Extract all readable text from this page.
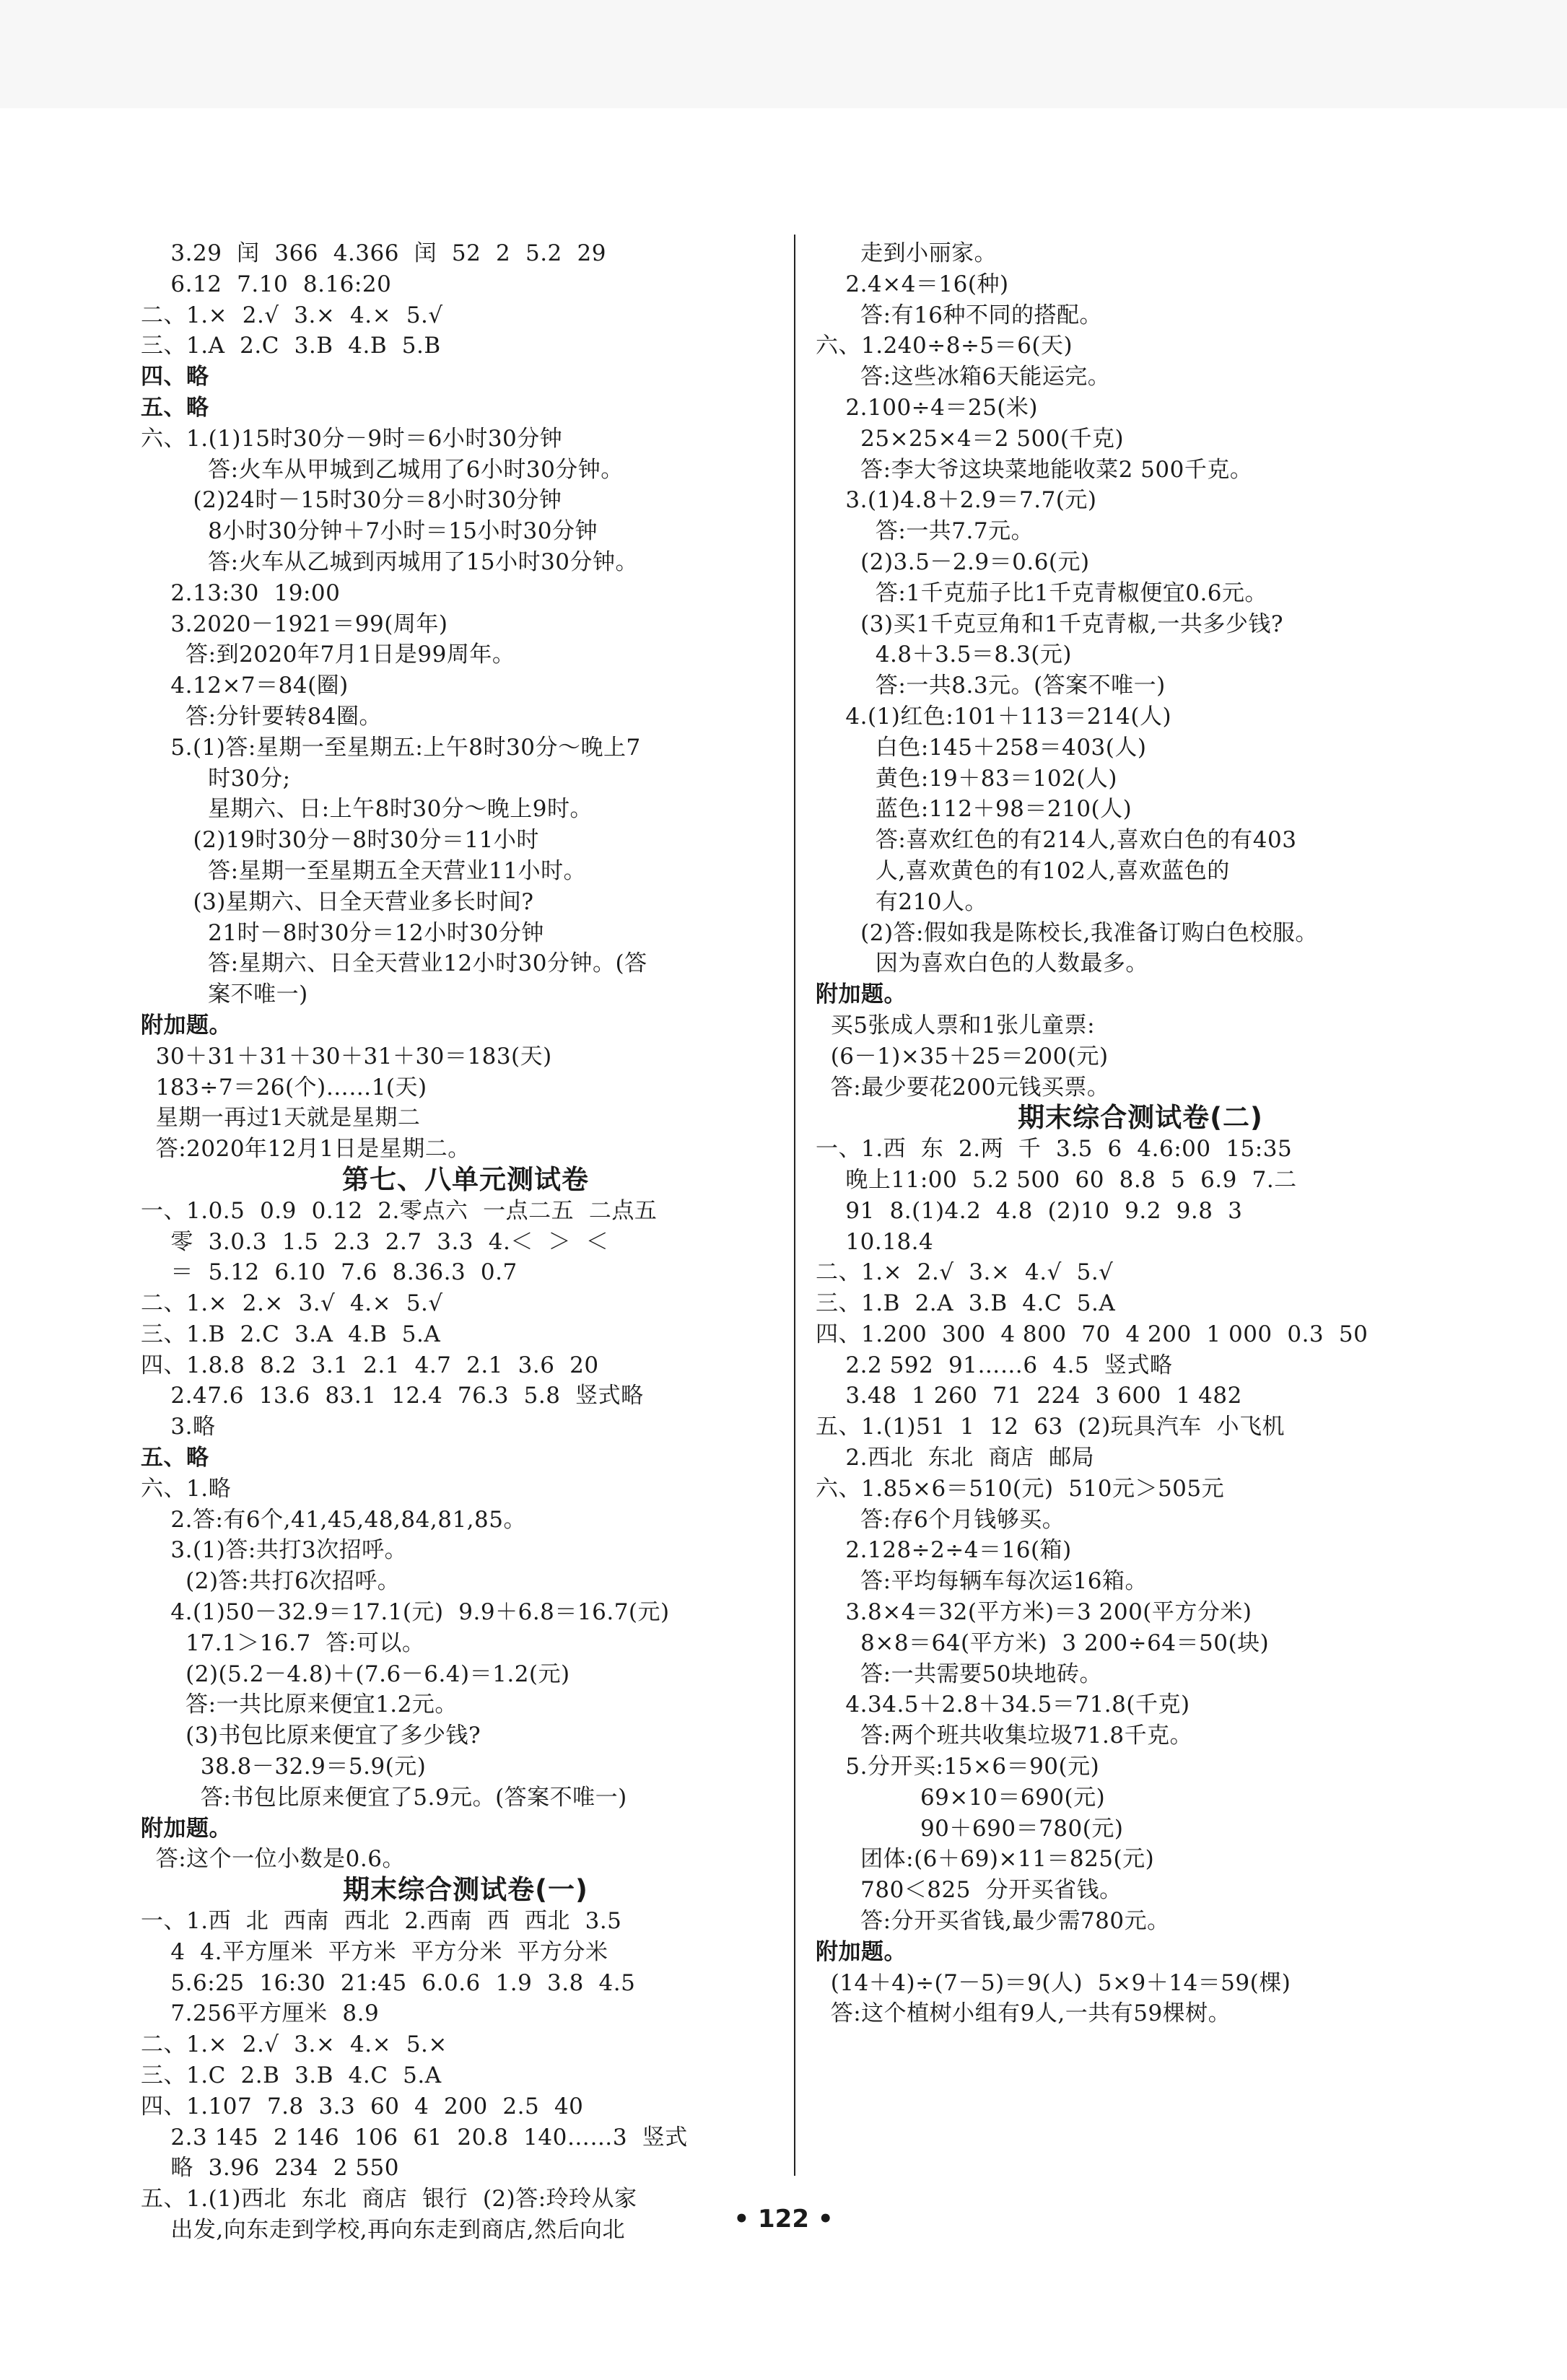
3.29  闰  366  4.366  闰  52  2  5.2  29
6.12  7.10  8.16:20
二、1.×  2.√  3.×  4.×  5.√
三、1.A  2.C  3.B  4.B  5.B
四、略
五、略
六、1.(1)15时30分－9时＝6小时30分钟
答:火车从甲城到乙城用了6小时30分钟。
(2)24时－15时30分＝8小时30分钟
8小时30分钟＋7小时＝15小时30分钟
答:火车从乙城到丙城用了15小时30分钟。
2.13:30  19:00
3.2020－1921＝99(周年)
答:到2020年7月1日是99周年。
4.12×7＝84(圈)
答:分针要转84圈。
5.(1)答:星期一至星期五:上午8时30分～晚上7
时30分;
星期六、日:上午8时30分～晚上9时。
(2)19时30分－8时30分＝11小时
答:星期一至星期五全天营业11小时。
(3)星期六、日全天营业多长时间?
21时－8时30分＝12小时30分钟
答:星期六、日全天营业12小时30分钟。(答
案不唯一)
附加题。
30＋31＋31＋30＋31＋30＝183(天)
183÷7＝26(个)……1(天)
星期一再过1天就是星期二
答:2020年12月1日是星期二。
第七、八单元测试卷
一、1.0.5  0.9  0.12  2.零点六  一点二五  二点五
零  3.0.3  1.5  2.3  2.7  3.3  4.＜  ＞  ＜
＝  5.12  6.10  7.6  8.36.3  0.7
二、1.×  2.×  3.√  4.×  5.√
三、1.B  2.C  3.A  4.B  5.A
四、1.8.8  8.2  3.1  2.1  4.7  2.1  3.6  20
2.47.6  13.6  83.1  12.4  76.3  5.8  竖式略
3.略
五、略
六、1.略
2.答:有6个,41,45,48,84,81,85。
3.(1)答:共打3次招呼。
(2)答:共打6次招呼。
4.(1)50－32.9＝17.1(元)  9.9＋6.8＝16.7(元)
17.1＞16.7  答:可以。
(2)(5.2－4.8)＋(7.6－6.4)＝1.2(元)
答:一共比原来便宜1.2元。
(3)书包比原来便宜了多少钱?
38.8－32.9＝5.9(元)
答:书包比原来便宜了5.9元。(答案不唯一)
附加题。
答:这个一位小数是0.6。
期末综合测试卷(一)
一、1.西  北  西南  西北  2.西南  西  西北  3.5
4  4.平方厘米  平方米  平方分米  平方分米
5.6:25  16:30  21:45  6.0.6  1.9  3.8  4.5
7.256平方厘米  8.9
二、1.×  2.√  3.×  4.×  5.×
三、1.C  2.B  3.B  4.C  5.A
四、1.107  7.8  3.3  60  4  200  2.5  40
2.3 145  2 146  106  61  20.8  140……3  竖式
略  3.96  234  2 550
五、1.(1)西北  东北  商店  银行  (2)答:玲玲从家
出发,向东走到学校,再向东走到商店,然后向北
走到小丽家。
2.4×4＝16(种)
答:有16种不同的搭配。
六、1.240÷8÷5＝6(天)
答:这些冰箱6天能运完。
2.100÷4＝25(米)
25×25×4＝2 500(千克)
答:李大爷这块菜地能收菜2 500千克。
3.(1)4.8＋2.9＝7.7(元)
答:一共7.7元。
(2)3.5－2.9＝0.6(元)
答:1千克茄子比1千克青椒便宜0.6元。
(3)买1千克豆角和1千克青椒,一共多少钱?
4.8＋3.5＝8.3(元)
答:一共8.3元。(答案不唯一)
4.(1)红色:101＋113＝214(人)
白色:145＋258＝403(人)
黄色:19＋83＝102(人)
蓝色:112＋98＝210(人)
答:喜欢红色的有214人,喜欢白色的有403
人,喜欢黄色的有102人,喜欢蓝色的
有210人。
(2)答:假如我是陈校长,我准备订购白色校服。
因为喜欢白色的人数最多。
附加题。
买5张成人票和1张儿童票:
(6－1)×35＋25＝200(元)
答:最少要花200元钱买票。
期末综合测试卷(二)
一、1.西  东  2.两  千  3.5  6  4.6:00  15:35
晚上11:00  5.2 500  60  8.8  5  6.9  7.二
91  8.(1)4.2  4.8  (2)10  9.2  9.8  3
10.18.4
二、1.×  2.√  3.×  4.√  5.√
三、1.B  2.A  3.B  4.C  5.A
四、1.200  300  4 800  70  4 200  1 000  0.3  50
2.2 592  91……6  4.5  竖式略
3.48  1 260  71  224  3 600  1 482
五、1.(1)51  1  12  63  (2)玩具汽车  小飞机
2.西北  东北  商店  邮局
六、1.85×6＝510(元)  510元＞505元
答:存6个月钱够买。
2.128÷2÷4＝16(箱)
答:平均每辆车每次运16箱。
3.8×4＝32(平方米)＝3 200(平方分米)
8×8＝64(平方米)  3 200÷64＝50(块)
答:一共需要50块地砖。
4.34.5＋2.8＋34.5＝71.8(千克)
答:两个班共收集垃圾71.8千克。
5.分开买:15×6＝90(元)
69×10＝690(元)
90＋690＝780(元)
团体:(6＋69)×11＝825(元)
780＜825  分开买省钱。
答:分开买省钱,最少需780元。
附加题。
(14＋4)÷(7－5)＝9(人)  5×9＋14＝59(棵)
答:这个植树小组有9人,一共有59棵树。
• 122 •
